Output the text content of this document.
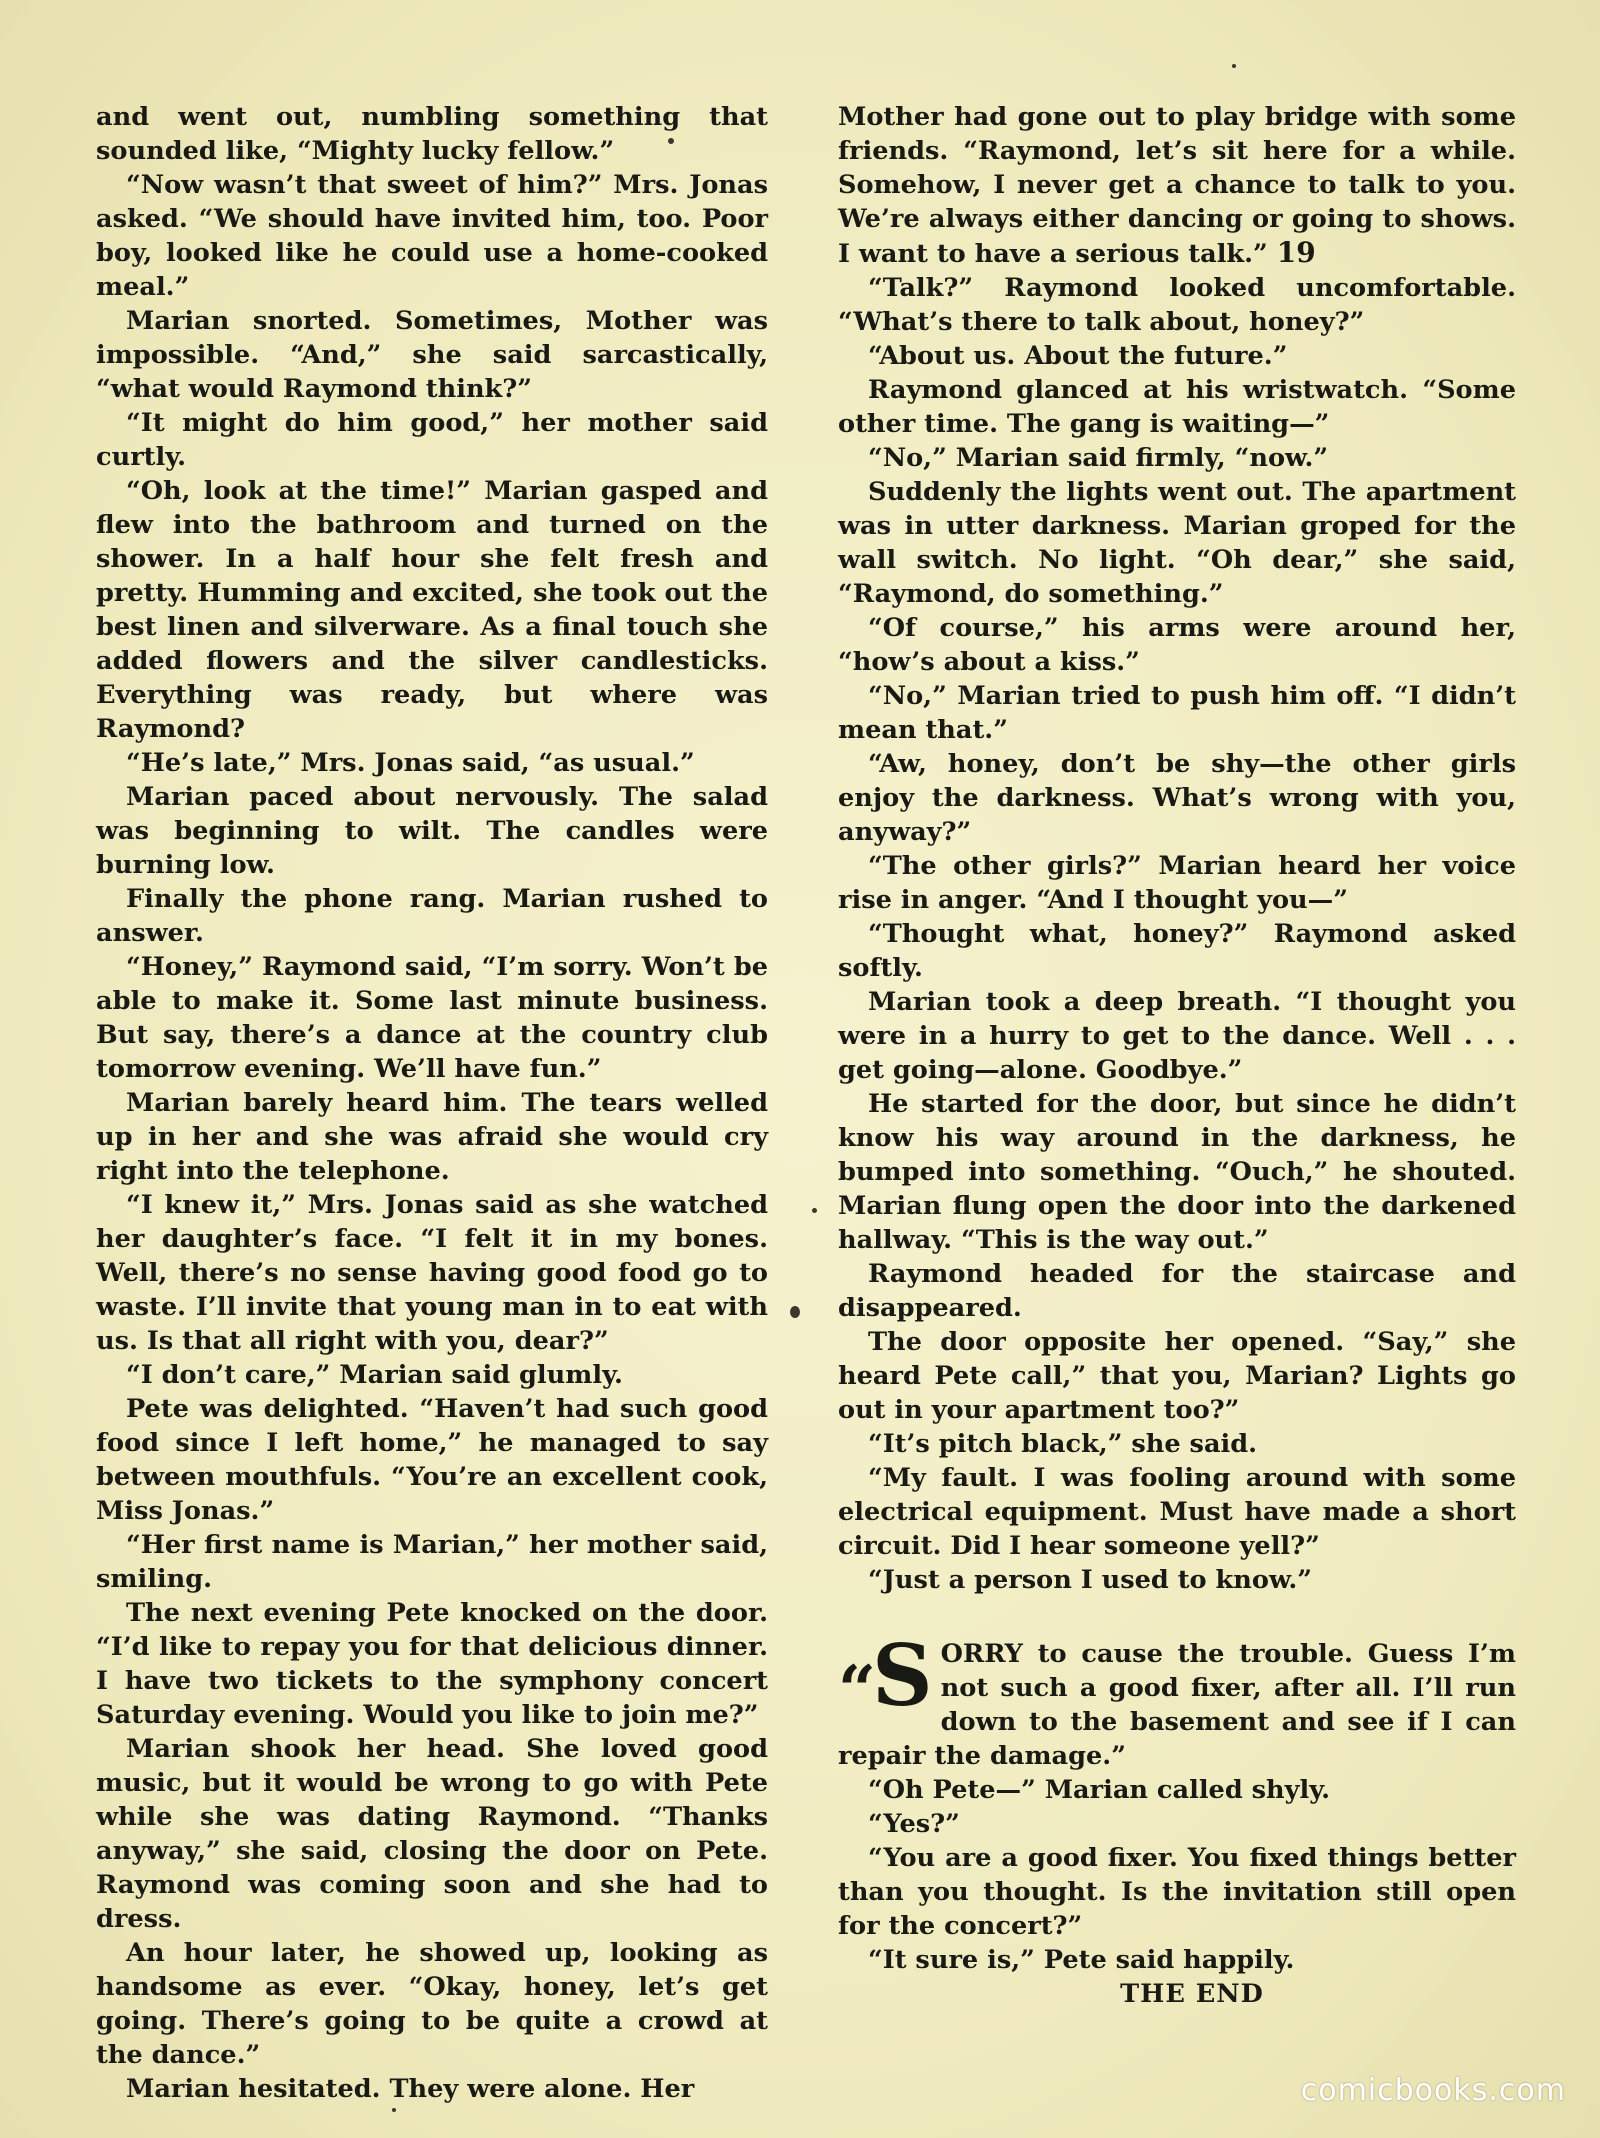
and went out, numbling something that sounded like, “Mighty lucky fellow.”

“Now wasn’t that sweet of him?” Mrs. Jonas asked. “We should have invited him, too. Poor boy, looked like he could use a home-cooked meal.”

Marian snorted. Sometimes, Mother was impossible. “And,” she said sarcastically, “what would Raymond think?”

“It might do him good,” her mother said curtly.

“Oh, look at the time!” Marian gasped and flew into the bathroom and turned on the shower. In a half hour she felt fresh and pretty. Humming and excited, she took out the best linen and silverware. As a final touch she added flowers and the silver candlesticks. Everything was ready, but where was Raymond?

“He’s late,” Mrs. Jonas said, “as usual.”

Marian paced about nervously. The salad was beginning to wilt. The candles were burning low.

Finally the phone rang. Marian rushed to answer.

“Honey,” Raymond said, “I’m sorry. Won’t be able to make it. Some last minute business. But say, there’s a dance at the country club tomorrow evening. We’ll have fun.”

Marian barely heard him. The tears welled up in her and she was afraid she would cry right into the telephone.

“I knew it,” Mrs. Jonas said as she watched her daughter’s face. “I felt it in my bones. Well, there’s no sense having good food go to waste. I’ll invite that young man in to eat with us. Is that all right with you, dear?”

“I don’t care,” Marian said glumly.

Pete was delighted. “Haven’t had such good food since I left home,” he managed to say between mouthfuls. “You’re an excellent cook, Miss Jonas.”

“Her first name is Marian,” her mother said, smiling.

The next evening Pete knocked on the door. “I’d like to repay you for that delicious dinner. I have two tickets to the symphony concert Saturday evening. Would you like to join me?”

Marian shook her head. She loved good music, but it would be wrong to go with Pete while she was dating Raymond. “Thanks anyway,” she said, closing the door on Pete. Raymond was coming soon and she had to dress.

An hour later, he showed up, looking as handsome as ever. “Okay, honey, let’s get going. There’s going to be quite a crowd at the dance.”

Marian hesitated. They were alone. Her

Mother had gone out to play bridge with some friends. “Raymond, let’s sit here for a while. Somehow, I never get a chance to talk to you. We’re always either dancing or going to shows. I want to have a serious talk.” 19

“Talk?” Raymond looked uncomfortable. “What’s there to talk about, honey?”

“About us. About the future.”

Raymond glanced at his wristwatch. “Some other time. The gang is waiting—”

“No,” Marian said firmly, “now.”

Suddenly the lights went out. The apartment was in utter darkness. Marian groped for the wall switch. No light. “Oh dear,” she said, “Raymond, do something.”

“Of course,” his arms were around her, “how’s about a kiss.”

“No,” Marian tried to push him off. “I didn’t mean that.”

“Aw, honey, don’t be shy—the other girls enjoy the darkness. What’s wrong with you, anyway?”

“The other girls?” Marian heard her voice rise in anger. “And I thought you—”

“Thought what, honey?” Raymond asked softly.

Marian took a deep breath. “I thought you were in a hurry to get to the dance. Well . . . get going—alone. Goodbye.”

He started for the door, but since he didn’t know his way around in the darkness, he bumped into something. “Ouch,” he shouted. Marian flung open the door into the darkened hallway. “This is the way out.”

Raymond headed for the staircase and disappeared.

The door opposite her opened. “Say,” she heard Pete call,” that you, Marian? Lights go out in your apartment too?”

“It’s pitch black,” she said.

“My fault. I was fooling around with some electrical equipment. Must have made a short circuit. Did I hear someone yell?”

“Just a person I used to know.”

“S ORRY to cause the trouble. Guess I’m not such a good fixer, after all. I’ll run down to the basement and see if I can repair the damage.”

“Oh Pete—” Marian called shyly.

“Yes?”

“You are a good fixer. You fixed things better than you thought. Is the invitation still open for the concert?”

“It sure is,” Pete said happily.

THE END

comicbooks.com
